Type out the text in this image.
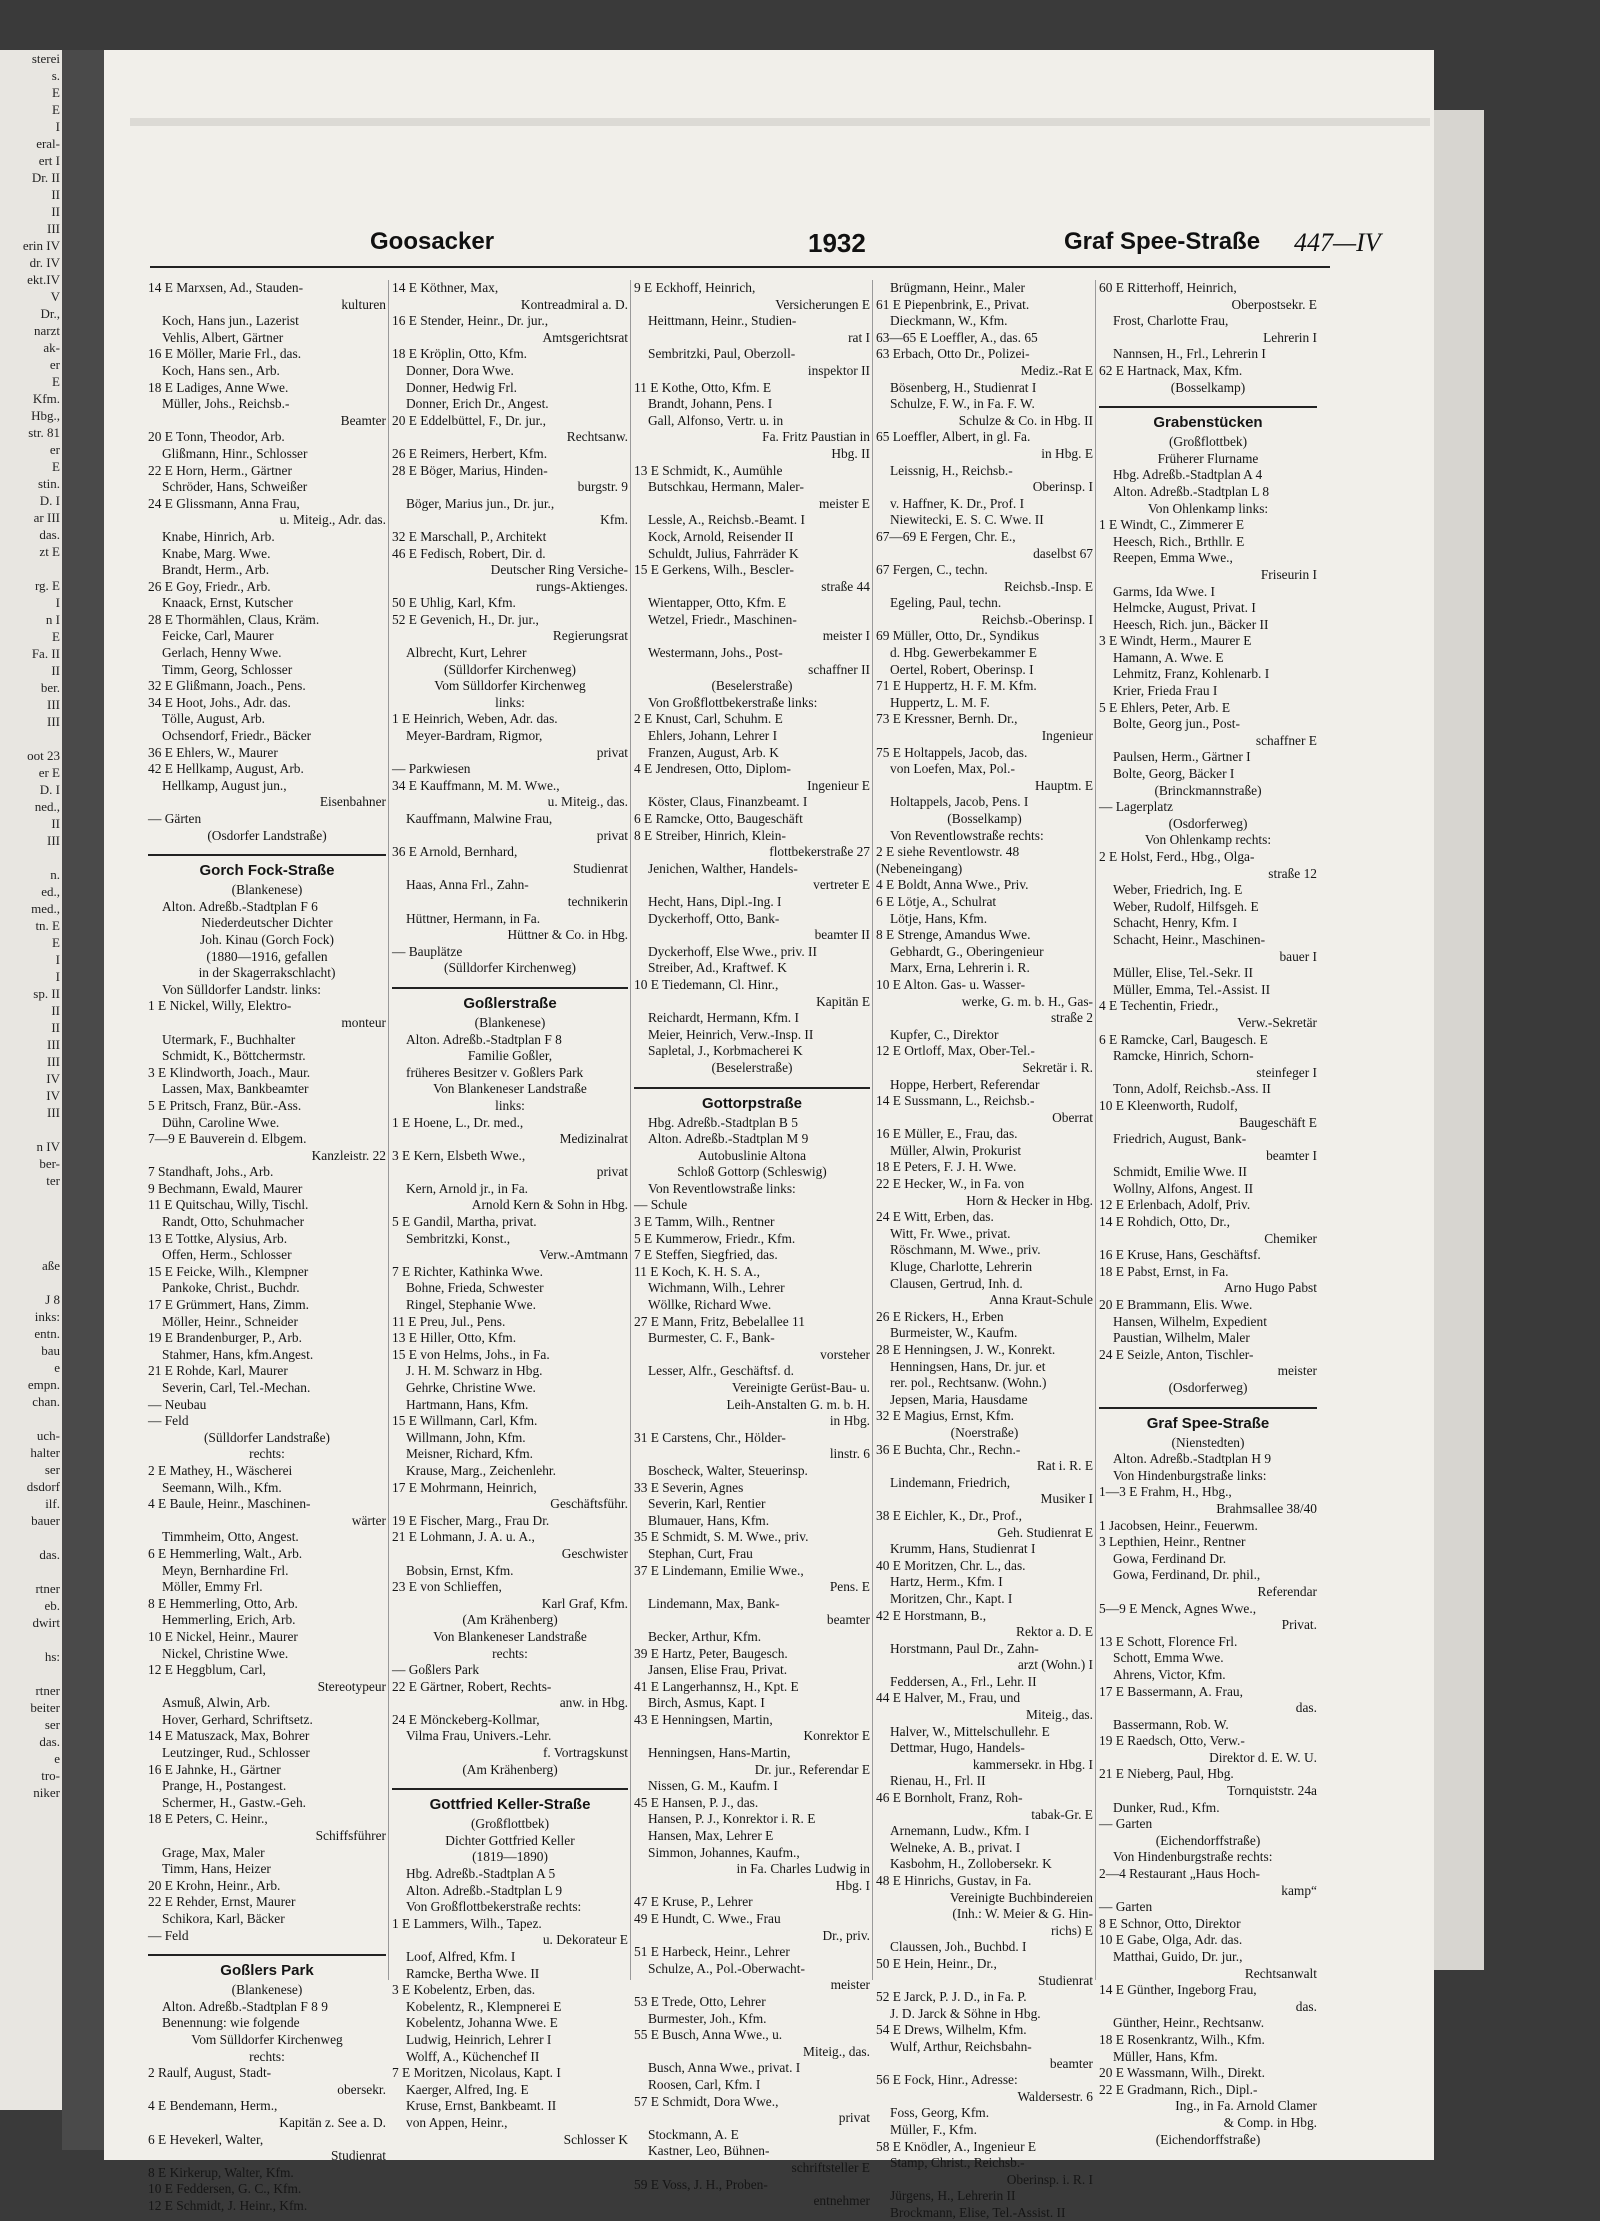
sterei
s.
E
E
I
eral-
ert I
Dr. II
II
II
III
erin IV
dr. IV
ekt.IV
V
Dr.,
narzt
ak-
er
E
Kfm.
Hbg.,
str. 81
er
E
stin.
D. I
ar III
das.
zt E

rg. E
I
n I
E
Fa. II
II
ber.
III
III

oot 23
er E
D. I
ned.,
II
III

n.
ed.,
med.,
tn. E
E
I
I
sp. II
II
II
III
III
IV
IV
III

n IV
ber-
ter

aße

J 8
inks:
entn.
bau
e
empn.
chan.

uch-
halter
ser
dsdorf
ilf.
bauer

das.

rtner
eb.
dwirt

hs:

rtner
beiter
ser
das.
e
tro-
niker
Goosacker	1932	Graf Spee-Straße 447—IV
14 E Marxsen, Ad., Stauden-
kulturen
Koch, Hans jun., Lazerist
Vehlis, Albert, Gärtner
16 E Möller, Marie Frl., das.
Koch, Hans sen., Arb.
18 E Ladiges, Anne Wwe.
Müller, Johs., Reichsb.-
Beamter
20 E Tonn, Theodor, Arb.
Glißmann, Hinr., Schlosser
22 E Horn, Herm., Gärtner
Schröder, Hans, Schweißer
24 E Glissmann, Anna Frau,
u. Miteig., Adr. das.
Knabe, Hinrich, Arb.
Knabe, Marg. Wwe.
Brandt, Herm., Arb.
26 E Goy, Friedr., Arb.
Knaack, Ernst, Kutscher
28 E Thormählen, Claus, Kräm.
Feicke, Carl, Maurer
Gerlach, Henny Wwe.
Timm, Georg, Schlosser
32 E Glißmann, Joach., Pens.
34 E Hoot, Johs., Adr. das.
Tölle, August, Arb.
Ochsendorf, Friedr., Bäcker
36 E Ehlers, W., Maurer
42 E Hellkamp, August, Arb.
Hellkamp, August jun.,
Eisenbahner
— Gärten
(Osdorfer Landstraße)
Gorch Fock-Straße
(Blankenese)
Alton. Adreßb.-Stadtplan F 6
Niederdeutscher Dichter
Joh. Kinau (Gorch Fock)
(1880—1916, gefallen
in der Skagerrakschlacht)
Von Sülldorfer Landstr. links:
1 E Nickel, Willy, Elektro-
monteur
Utermark, F., Buchhalter
Schmidt, K., Böttchermstr.
3 E Klindworth, Joach., Maur.
Lassen, Max, Bankbeamter
5 E Pritsch, Franz, Bür.-Ass.
Dühn, Caroline Wwe.
7—9 E Bauverein d. Elbgem.
Kanzleistr. 22
7 Standhaft, Johs., Arb.
9 Bechmann, Ewald, Maurer
11 E Quitschau, Willy, Tischl.
Randt, Otto, Schuhmacher
13 E Tottke, Alysius, Arb.
Offen, Herm., Schlosser
15 E Feicke, Wilh., Klempner
Pankoke, Christ., Buchdr.
17 E Grümmert, Hans, Zimm.
Möller, Heinr., Schneider
19 E Brandenburger, P., Arb.
Stahmer, Hans, kfm.Angest.
21 E Rohde, Karl, Maurer
Severin, Carl, Tel.-Mechan.
— Neubau
— Feld
(Sülldorfer Landstraße)
rechts:
2 E Mathey, H., Wäscherei
Seemann, Wilh., Kfm.
4 E Baule, Heinr., Maschinen-
wärter
Timmheim, Otto, Angest.
6 E Hemmerling, Walt., Arb.
Meyn, Bernhardine Frl.
Möller, Emmy Frl.
8 E Hemmerling, Otto, Arb.
Hemmerling, Erich, Arb.
10 E Nickel, Heinr., Maurer
Nickel, Christine Wwe.
12 E Heggblum, Carl,
Stereotypeur
Asmuß, Alwin, Arb.
Hover, Gerhard, Schriftsetz.
14 E Matuszack, Max, Bohrer
Leutzinger, Rud., Schlosser
16 E Jahnke, H., Gärtner
Prange, H., Postangest.
Schermer, H., Gastw.-Geh.
18 E Peters, C. Heinr.,
Schiffsführer
Grage, Max, Maler
Timm, Hans, Heizer
20 E Krohn, Heinr., Arb.
22 E Rehder, Ernst, Maurer
Schikora, Karl, Bäcker
— Feld
Goßlers Park
(Blankenese)
Alton. Adreßb.-Stadtplan F 8 9
Benennung: wie folgende
Vom Sülldorfer Kirchenweg
rechts:
2 Raulf, August, Stadt-
obersekr.
4 E Bendemann, Herm.,
Kapitän z. See a. D.
6 E Hevekerl, Walter,
Studienrat
8 E Kirkerup, Walter, Kfm.
10 E Feddersen, G. C., Kfm.
12 E Schmidt, J. Heinr., Kfm.
14 E Köthner, Max,
Kontreadmiral a. D.
16 E Stender, Heinr., Dr. jur.,
Amtsgerichtsrat
18 E Kröplin, Otto, Kfm.
Donner, Dora Wwe.
Donner, Hedwig Frl.
Donner, Erich Dr., Angest.
20 E Eddelbüttel, F., Dr. jur.,
Rechtsanw.
26 E Reimers, Herbert, Kfm.
28 E Böger, Marius, Hinden-
burgstr. 9
Böger, Marius jun., Dr. jur.,
Kfm.
32 E Marschall, P., Architekt
46 E Fedisch, Robert, Dir. d.
Deutscher Ring Versiche-
rungs-Aktienges.
50 E Uhlig, Karl, Kfm.
52 E Gevenich, H., Dr. jur.,
Regierungsrat
Albrecht, Kurt, Lehrer
(Sülldorfer Kirchenweg)
Vom Sülldorfer Kirchenweg
links:
1 E Heinrich, Weben, Adr. das.
Meyer-Bardram, Rigmor,
privat
— Parkwiesen
34 E Kauffmann, M. M. Wwe.,
u. Miteig., das.
Kauffmann, Malwine Frau,
privat
36 E Arnold, Bernhard,
Studienrat
Haas, Anna Frl., Zahn-
technikerin
Hüttner, Hermann, in Fa.
Hüttner & Co. in Hbg.
— Bauplätze
(Sülldorfer Kirchenweg)
Goßlerstraße
(Blankenese)
Alton. Adreßb.-Stadtplan F 8
Familie Goßler,
früheres Besitzer v. Goßlers Park
Von Blankeneser Landstraße
links:
1 E Hoene, L., Dr. med.,
Medizinalrat
3 E Kern, Elsbeth Wwe.,
privat
Kern, Arnold jr., in Fa.
Arnold Kern & Sohn in Hbg.
5 E Gandil, Martha, privat.
Sembritzki, Konst.,
Verw.-Amtmann
7 E Richter, Kathinka Wwe.
Bohne, Frieda, Schwester
Ringel, Stephanie Wwe.
11 E Preu, Jul., Pens.
13 E Hiller, Otto, Kfm.
15 E von Helms, Johs., in Fa.
J. H. M. Schwarz in Hbg.
Gehrke, Christine Wwe.
Hartmann, Hans, Kfm.
15 E Willmann, Carl, Kfm.
Willmann, John, Kfm.
Meisner, Richard, Kfm.
Krause, Marg., Zeichenlehr.
17 E Mohrmann, Heinrich,
Geschäftsführ.
19 E Fischer, Marg., Frau Dr.
21 E Lohmann, J. A. u. A.,
Geschwister
Bobsin, Ernst, Kfm.
23 E von Schlieffen,
Karl Graf, Kfm.
(Am Krähenberg)
Von Blankeneser Landstraße
rechts:
— Goßlers Park
22 E Gärtner, Robert, Rechts-
anw. in Hbg.
24 E Mönckeberg-Kollmar,
Vilma Frau, Univers.-Lehr.
f. Vortragskunst
(Am Krähenberg)
Gottfried Keller-Straße
(Großflottbek)
Dichter Gottfried Keller
(1819—1890)
Hbg. Adreßb.-Stadtplan A 5
Alton. Adreßb.-Stadtplan L 9
Von Großflottbekerstraße rechts:
1 E Lammers, Wilh., Tapez.
u. Dekorateur E
Loof, Alfred, Kfm. I
Ramcke, Bertha Wwe. II
3 E Kobelentz, Erben, das.
Kobelentz, R., Klempnerei E
Kobelentz, Johanna Wwe. E
Ludwig, Heinrich, Lehrer I
Wolff, A., Küchenchef II
7 E Moritzen, Nicolaus, Kapt. I
Kaerger, Alfred, Ing. E
Kruse, Ernst, Bankbeamt. II
von Appen, Heinr.,
Schlosser K
9 E Eckhoff, Heinrich,
Versicherungen E
Heittmann, Heinr., Studien-
rat I
Sembritzki, Paul, Oberzoll-
inspektor II
11 E Kothe, Otto, Kfm. E
Brandt, Johann, Pens. I
Gall, Alfonso, Vertr. u. in
Fa. Fritz Paustian in
Hbg. II
13 E Schmidt, K., Aumühle
Butschkau, Hermann, Maler-
meister E
Lessle, A., Reichsb.-Beamt. I
Kock, Arnold, Reisender II
Schuldt, Julius, Fahrräder K
15 E Gerkens, Wilh., Bescler-
straße 44
Wientapper, Otto, Kfm. E
Wetzel, Friedr., Maschinen-
meister I
Westermann, Johs., Post-
schaffner II
(Beselerstraße)
Von Großflottbekerstraße links:
2 E Knust, Carl, Schuhm. E
Ehlers, Johann, Lehrer I
Franzen, August, Arb. K
4 E Jendresen, Otto, Diplom-
Ingenieur E
Köster, Claus, Finanzbeamt. I
6 E Ramcke, Otto, Baugeschäft
8 E Streiber, Hinrich, Klein-
flottbekerstraße 27
Jenichen, Walther, Handels-
vertreter E
Hecht, Hans, Dipl.-Ing. I
Dyckerhoff, Otto, Bank-
beamter II
Dyckerhoff, Else Wwe., priv. II
Streiber, Ad., Kraftwef. K
10 E Tiedemann, Cl. Hinr.,
Kapitän E
Reichardt, Hermann, Kfm. I
Meier, Heinrich, Verw.-Insp. II
Sapletal, J., Korbmacherei K
(Beselerstraße)
Gottorpstraße
Hbg. Adreßb.-Stadtplan B 5
Alton. Adreßb.-Stadtplan M 9
Autobuslinie Altona
Schloß Gottorp (Schleswig)
Von Reventlowstraße links:
— Schule
3 E Tamm, Wilh., Rentner
5 E Kummerow, Friedr., Kfm.
7 E Steffen, Siegfried, das.
11 E Koch, K. H. S. A.,
Wichmann, Wilh., Lehrer
Wöllke, Richard Wwe.
27 E Mann, Fritz, Bebelallee 11
Burmester, C. F., Bank-
vorsteher
Lesser, Alfr., Geschäftsf. d.
Vereinigte Gerüst-Bau- u.
Leih-Anstalten G. m. b. H.
in Hbg.
31 E Carstens, Chr., Hölder-
linstr. 6
Boscheck, Walter, Steuerinsp.
33 E Severin, Agnes
Severin, Karl, Rentier
Blumauer, Hans, Kfm.
35 E Schmidt, S. M. Wwe., priv.
Stephan, Curt, Frau
37 E Lindemann, Emilie Wwe.,
Pens. E
Lindemann, Max, Bank-
beamter
Becker, Arthur, Kfm.
39 E Hartz, Peter, Baugesch.
Jansen, Elise Frau, Privat.
41 E Langerhannsz, H., Kpt. E
Birch, Asmus, Kapt. I
43 E Henningsen, Martin,
Konrektor E
Henningsen, Hans-Martin,
Dr. jur., Referendar E
Nissen, G. M., Kaufm. I
45 E Hansen, P. J., das.
Hansen, P. J., Konrektor i. R. E
Hansen, Max, Lehrer E
Simmon, Johannes, Kaufm.,
in Fa. Charles Ludwig in
Hbg. I
47 E Kruse, P., Lehrer
49 E Hundt, C. Wwe., Frau
Dr., priv.
51 E Harbeck, Heinr., Lehrer
Schulze, A., Pol.-Oberwacht-
meister
53 E Trede, Otto, Lehrer
Burmester, Joh., Kfm.
55 E Busch, Anna Wwe., u.
Miteig., das.
Busch, Anna Wwe., privat. I
Roosen, Carl, Kfm. I
57 E Schmidt, Dora Wwe.,
privat
Stockmann, A. E
Kastner, Leo, Bühnen-
schriftsteller E
59 E Voss, J. H., Proben-
entnehmer
Brügmann, Heinr., Maler
61 E Piepenbrink, E., Privat.
Dieckmann, W., Kfm.
63—65 E Loeffler, A., das. 65
63 Erbach, Otto Dr., Polizei-
Mediz.-Rat E
Bösenberg, H., Studienrat I
Schulze, F. W., in Fa. F. W.
Schulze & Co. in Hbg. II
65 Loeffler, Albert, in gl. Fa.
in Hbg. E
Leissnig, H., Reichsb.-
Oberinsp. I
v. Haffner, K. Dr., Prof. I
Niewitecki, E. S. C. Wwe. II
67—69 E Fergen, Chr. E.,
daselbst 67
67 Fergen, C., techn.
Reichsb.-Insp. E
Egeling, Paul, techn.
Reichsb.-Oberinsp. I
69 Müller, Otto, Dr., Syndikus
d. Hbg. Gewerbekammer E
Oertel, Robert, Oberinsp. I
71 E Huppertz, H. F. M. Kfm.
Huppertz, L. M. F.
73 E Kressner, Bernh. Dr.,
Ingenieur
75 E Holtappels, Jacob, das.
von Loefen, Max, Pol.-
Hauptm. E
Holtappels, Jacob, Pens. I
(Bosselkamp)
Von Reventlowstraße rechts:
2 E siehe Reventlowstr. 48
(Nebeneingang)
4 E Boldt, Anna Wwe., Priv.
6 E Lötje, A., Schulrat
Lötje, Hans, Kfm.
8 E Strenge, Amandus Wwe.
Gebhardt, G., Oberingenieur
Marx, Erna, Lehrerin i. R.
10 E Alton. Gas- u. Wasser-
werke, G. m. b. H., Gas-
straße 2
Kupfer, C., Direktor
12 E Ortloff, Max, Ober-Tel.-
Sekretär i. R.
Hoppe, Herbert, Referendar
14 E Sussmann, L., Reichsb.-
Oberrat
16 E Müller, E., Frau, das.
Müller, Alwin, Prokurist
18 E Peters, F. J. H. Wwe.
22 E Hecker, W., in Fa. von
Horn & Hecker in Hbg.
24 E Witt, Erben, das.
Witt, Fr. Wwe., privat.
Röschmann, M. Wwe., priv.
Kluge, Charlotte, Lehrerin
Clausen, Gertrud, Inh. d.
Anna Kraut-Schule
26 E Rickers, H., Erben
Burmeister, W., Kaufm.
28 E Henningsen, J. W., Konrekt.
Henningsen, Hans, Dr. jur. et
rer. pol., Rechtsanw. (Wohn.)
Jepsen, Maria, Hausdame
32 E Magius, Ernst, Kfm.
(Noerstraße)
36 E Buchta, Chr., Rechn.-
Rat i. R. E
Lindemann, Friedrich,
Musiker I
38 E Eichler, K., Dr., Prof.,
Geh. Studienrat E
Krumm, Hans, Studienrat I
40 E Moritzen, Chr. L., das.
Hartz, Herm., Kfm. I
Moritzen, Chr., Kapt. I
42 E Horstmann, B.,
Rektor a. D. E
Horstmann, Paul Dr., Zahn-
arzt (Wohn.) I
Feddersen, A., Frl., Lehr. II
44 E Halver, M., Frau, und
Miteig., das.
Halver, W., Mittelschullehr. E
Dettmar, Hugo, Handels-
kammersekr. in Hbg. I
Rienau, H., Frl. II
46 E Bornholt, Franz, Roh-
tabak-Gr. E
Arnemann, Ludw., Kfm. I
Welneke, A. B., privat. I
Kasbohm, H., Zollobersekr. K
48 E Hinrichs, Gustav, in Fa.
Vereinigte Buchbindereien
(Inh.: W. Meier & G. Hin-
richs) E
Claussen, Joh., Buchbd. I
50 E Hein, Heinr., Dr.,
Studienrat
52 E Jarck, P. J. D., in Fa. P.
J. D. Jarck & Söhne in Hbg.
54 E Drews, Wilhelm, Kfm.
Wulf, Arthur, Reichsbahn-
beamter
56 E Fock, Hinr., Adresse:
Waldersestr. 6
Foss, Georg, Kfm.
Müller, F., Kfm.
58 E Knödler, A., Ingenieur E
Stamp, Christ., Reichsb.-
Oberinsp. i. R. I
Jürgens, H., Lehrerin II
Brockmann, Elise, Tel.-Assist. II
60 E Ritterhoff, Heinrich,
Oberpostsekr. E
Frost, Charlotte Frau,
Lehrerin I
Nannsen, H., Frl., Lehrerin I
62 E Hartnack, Max, Kfm.
(Bosselkamp)
Grabenstücken
(Großflottbek)
Früherer Flurname
Hbg. Adreßb.-Stadtplan A 4
Alton. Adreßb.-Stadtplan L 8
Von Ohlenkamp links:
1 E Windt, C., Zimmerer E
Heesch, Rich., Brthllr. E
Reepen, Emma Wwe.,
Friseurin I
Garms, Ida Wwe. I
Helmcke, August, Privat. I
Heesch, Rich. jun., Bäcker II
3 E Windt, Herm., Maurer E
Hamann, A. Wwe. E
Lehmitz, Franz, Kohlenarb. I
Krier, Frieda Frau I
5 E Ehlers, Peter, Arb. E
Bolte, Georg jun., Post-
schaffner E
Paulsen, Herm., Gärtner I
Bolte, Georg, Bäcker I
(Brinckmannstraße)
— Lagerplatz
(Osdorferweg)
Von Ohlenkamp rechts:
2 E Holst, Ferd., Hbg., Olga-
straße 12
Weber, Friedrich, Ing. E
Weber, Rudolf, Hilfsgeh. E
Schacht, Henry, Kfm. I
Schacht, Heinr., Maschinen-
bauer I
Müller, Elise, Tel.-Sekr. II
Müller, Emma, Tel.-Assist. II
4 E Techentin, Friedr.,
Verw.-Sekretär
6 E Ramcke, Carl, Baugesch. E
Ramcke, Hinrich, Schorn-
steinfeger I
Tonn, Adolf, Reichsb.-Ass. II
10 E Kleenworth, Rudolf,
Baugeschäft E
Friedrich, August, Bank-
beamter I
Schmidt, Emilie Wwe. II
Wollny, Alfons, Angest. II
12 E Erlenbach, Adolf, Priv.
14 E Rohdich, Otto, Dr.,
Chemiker
16 E Kruse, Hans, Geschäftsf.
18 E Pabst, Ernst, in Fa.
Arno Hugo Pabst
20 E Brammann, Elis. Wwe.
Hansen, Wilhelm, Expedient
Paustian, Wilhelm, Maler
24 E Seizle, Anton, Tischler-
meister
(Osdorferweg)
Graf Spee-Straße
(Nienstedten)
Alton. Adreßb.-Stadtplan H 9
Von Hindenburgstraße links:
1—3 E Frahm, H., Hbg.,
Brahmsallee 38/40
1 Jacobsen, Heinr., Feuerwm.
3 Lepthien, Heinr., Rentner
Gowa, Ferdinand Dr.
Gowa, Ferdinand, Dr. phil.,
Referendar
5—9 E Menck, Agnes Wwe.,
Privat.
13 E Schott, Florence Frl.
Schott, Emma Wwe.
Ahrens, Victor, Kfm.
17 E Bassermann, A. Frau,
das.
Bassermann, Rob. W.
19 E Raedsch, Otto, Verw.-
Direktor d. E. W. U.
21 E Nieberg, Paul, Hbg.
Tornquiststr. 24a
Dunker, Rud., Kfm.
— Garten
(Eichendorffstraße)
Von Hindenburgstraße rechts:
2—4 Restaurant „Haus Hoch-
kamp“
— Garten
8 E Schnor, Otto, Direktor
10 E Gabe, Olga, Adr. das.
Matthai, Guido, Dr. jur.,
Rechtsanwalt
14 E Günther, Ingeborg Frau,
das.
Günther, Heinr., Rechtsanw.
18 E Rosenkrantz, Wilh., Kfm.
Müller, Hans, Kfm.
20 E Wassmann, Wilh., Direkt.
22 E Gradmann, Rich., Dipl.-
Ing., in Fa. Arnold Clamer
& Comp. in Hbg.
(Eichendorffstraße)
